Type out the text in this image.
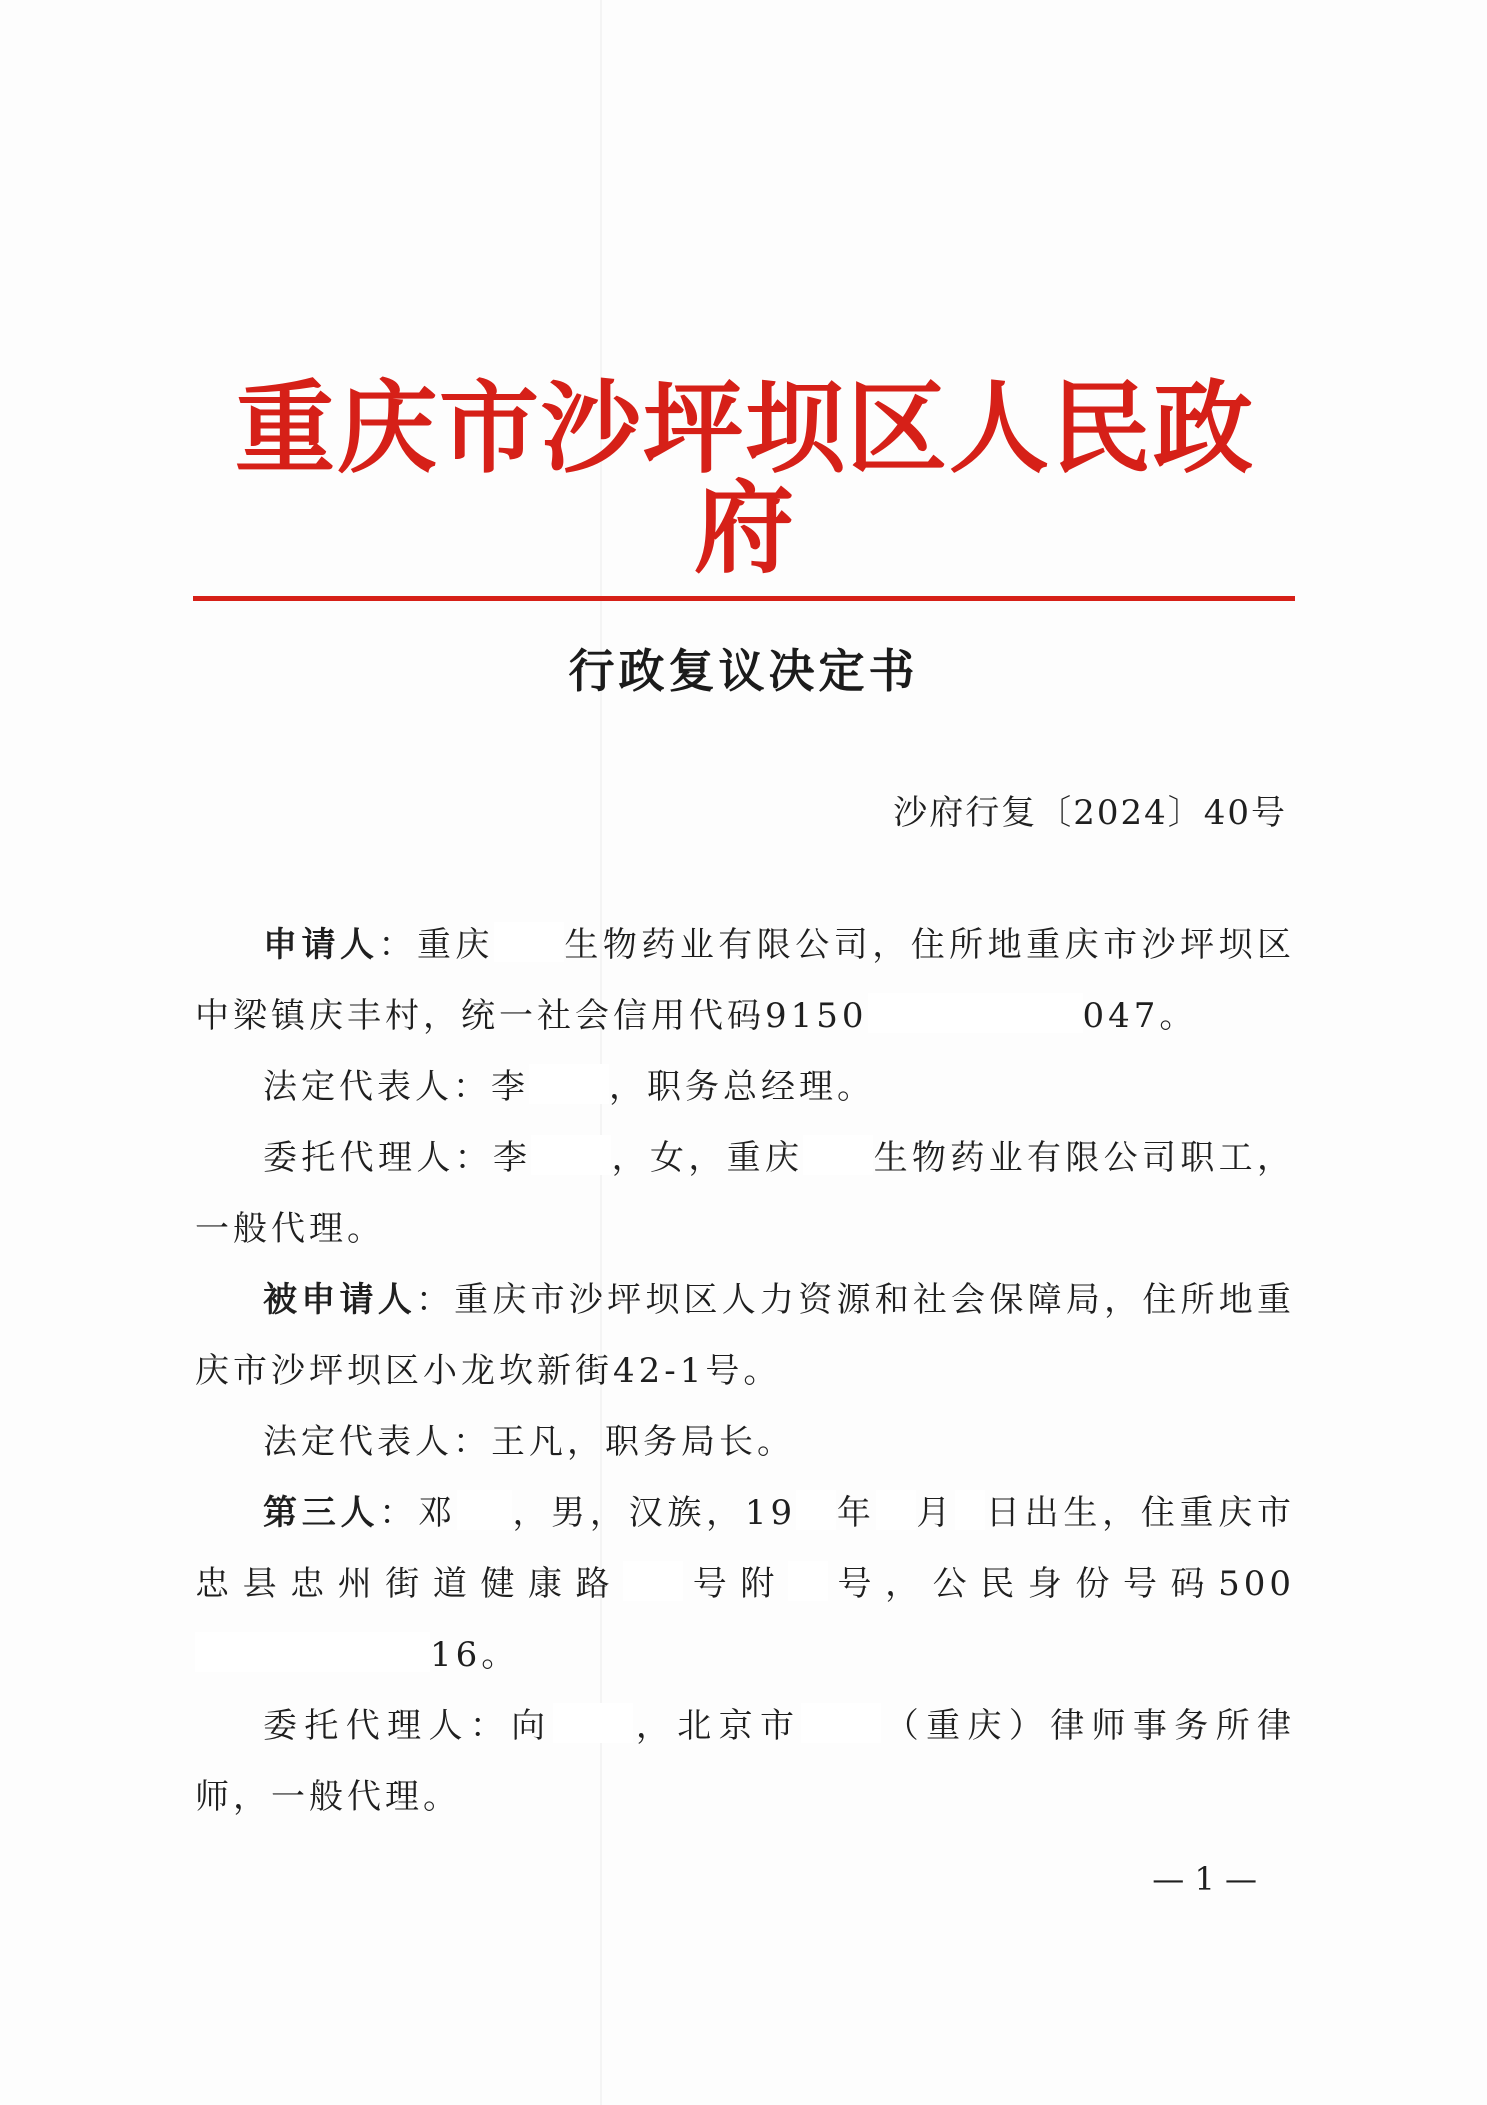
重庆市沙坪坝区人民政府
行政复议决定书
沙府行复〔2024〕40号

申请人：重庆 生物药业有限公司，住所地重庆市沙坪坝区中梁镇庆丰村，统一社会信用代码9150	047。

法定代表人：李 ，职务总经理。

委托代理人：李 ，女，重庆 生物药业有限公司职工，一般代理。

被申请人：重庆市沙坪坝区人力资源和社会保障局，住所地重庆市沙坪坝区小龙坎新街42-1号。

法定代表人：王凡，职务局长。

第三人：邓 ，男，汉族，19 年 月 日出生，住重庆市忠县忠州街道健康路 号附 号，公民身份号码50016。

委托代理人：向 ，北京市 （重庆）律师事务所律师，一般代理。

— 1 —
